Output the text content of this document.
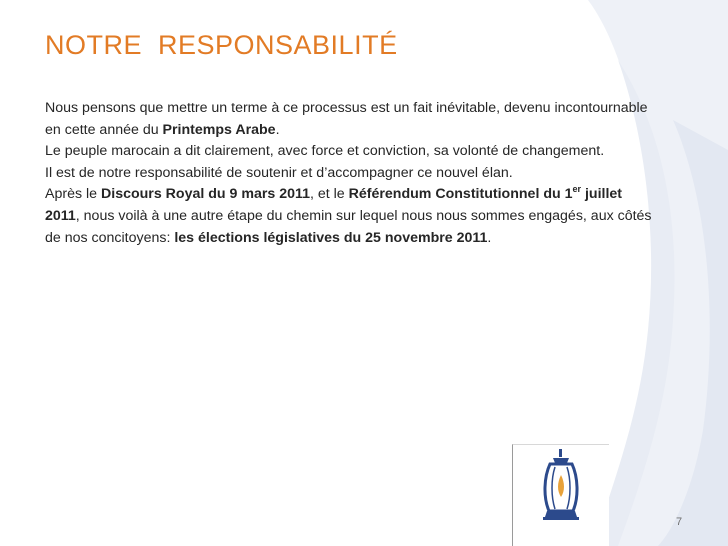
NOTRE  RESPONSABILITÉ

Nous pensons que mettre un terme à ce processus est un fait inévitable, devenu incontournable en cette année du Printemps Arabe.

Le peuple marocain a dit clairement, avec force et conviction, sa volonté de changement.

Il est de notre responsabilité de soutenir et d’accompagner ce nouvel élan.

Après le Discours Royal du 9 mars 2011, et le Référendum Constitutionnel du 1er juillet 2011, nous voilà à une autre étape du chemin sur lequel nous nous sommes engagés, aux côtés de nos concitoyens: les élections législatives du 25 novembre 2011.

7
